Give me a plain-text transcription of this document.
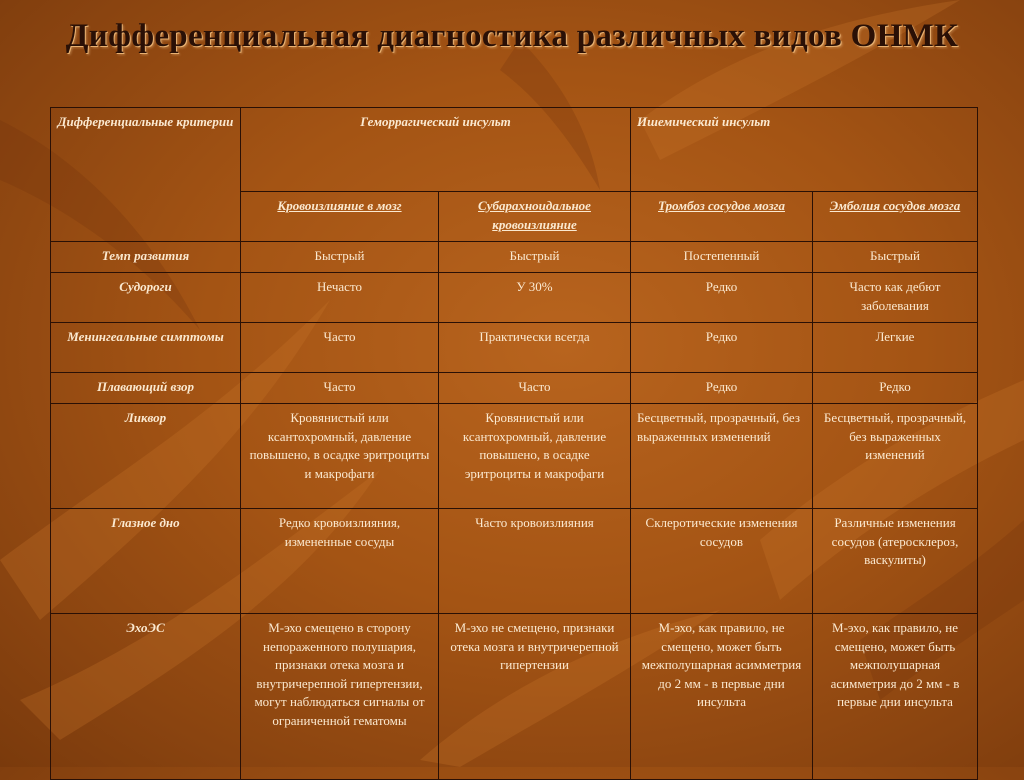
Дифференциальная диагностика различных видов ОНМК
Дифференциальные критерии	Геморрагический инсульт		Ишемический инсульт	
	Кровоизлияние в мозг	Субарахноидальное кровоизлияние	Тромбоз сосудов мозга	Эмболия сосудов мозга
Темп развития	Быстрый	Быстрый	Постепенный	Быстрый
Судороги	Нечасто	У 30%	Редко	Часто как дебют заболевания
Менингеальные симптомы	Часто	Практически всегда	Редко	Легкие
Плавающий взор	Часто	Часто	Редко	Редко
Ликвор	Кровянистый или ксантохромный, давление повышено, в осадке эритроциты и макрофаги	Кровянистый или ксантохромный, давление повышено, в осадке эритроциты и макрофаги	Бесцветный, прозрачный, без выраженных изменений	Бесцветный, прозрачный, без выраженных изменений
Глазное дно	Редко кровоизлияния, измененные сосуды	Часто кровоизлияния	Склеротические изменения сосудов	Различные изменения сосудов (атеросклероз, васкулиты)
ЭхоЭС	М-эхо смещено в сторону непораженного полушария, признаки отека мозга и внутричерепной гипертензии, могут наблюдаться сигналы от ограниченной гематомы	М-эхо не смещено, признаки отека мозга и внутричерепной гипертензии	М-эхо, как правило, не смещено, может быть межполушарная асимметрия до 2 мм - в первые дни инсульта	М-эхо, как правило, не смещено, может быть межполушарная асимметрия до 2 мм - в первые дни инсульта
